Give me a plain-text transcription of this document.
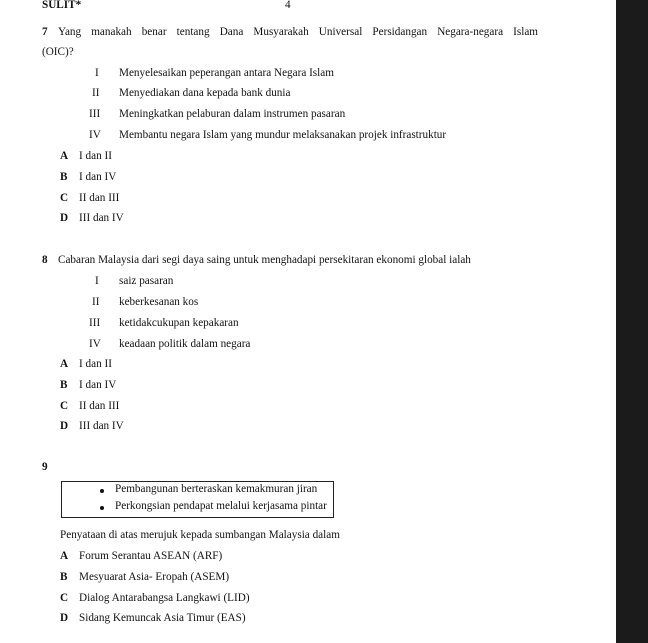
SULIT*	4
7 Yang manakah benar tentang Dana Musyarakah Universal Persidangan Negara-negara Islam
(OIC)?
I Menyelesaikan peperangan antara Negara Islam
II Menyediakan dana kepada bank dunia
III Meningkatkan pelaburan dalam instrumen pasaran
IV Membantu negara Islam yang mundur melaksanakan projek infrastruktur
A I dan II
B I dan IV
C II dan III
D III dan IV
8 Cabaran Malaysia dari segi daya saing untuk menghadapi persekitaran ekonomi global ialah
I saiz pasaran
II keberkesanan kos
III ketidakcukupan kepakaran
IV keadaan politik dalam negara
A I dan II
B I dan IV
C II dan III
D III dan IV
9
Pembangunan berteraskan kemakmuran jiran
Perkongsian pendapat melalui kerjasama pintar
Penyataan di atas merujuk kepada sumbangan Malaysia dalam
A Forum Serantau ASEAN (ARF)
B Mesyuarat Asia- Eropah (ASEM)
C Dialog Antarabangsa Langkawi (LID)
D Sidang Kemuncak Asia Timur (EAS)
